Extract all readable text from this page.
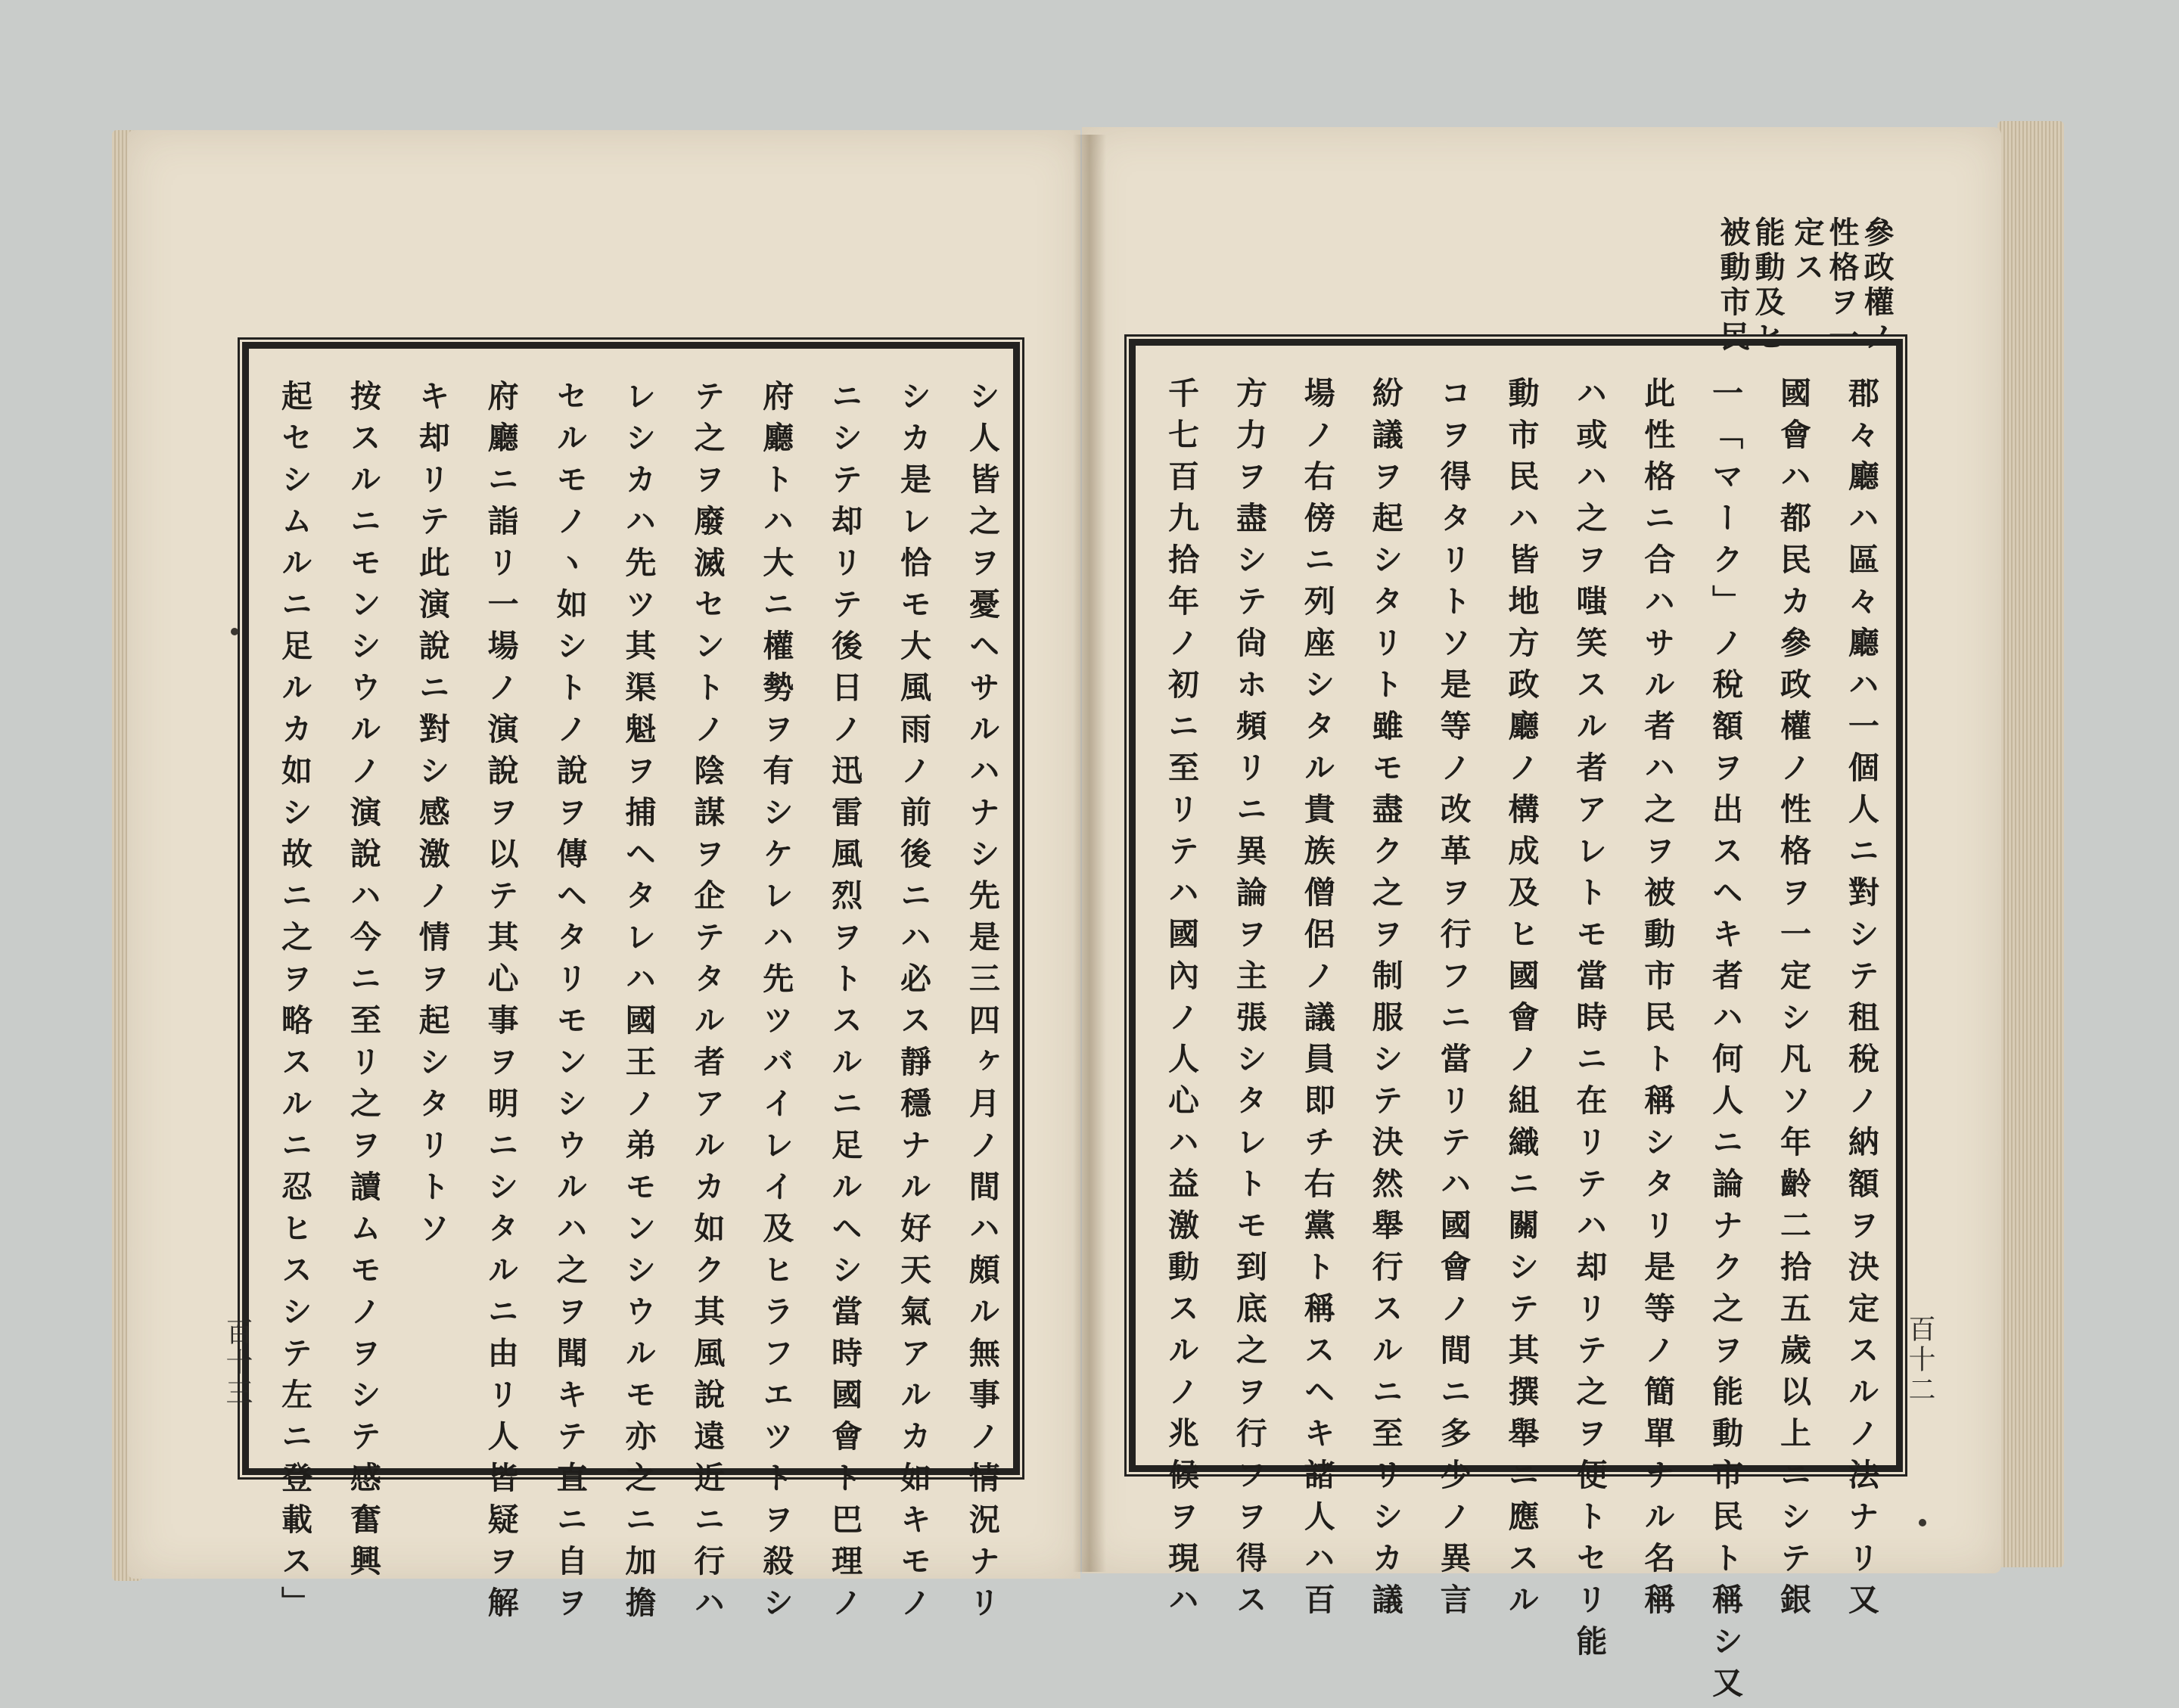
シ人皆之ヲ憂ヘサルハナシ先是三四ヶ月ノ間ハ頗ル無事ノ情況ナリ
シカ是レ恰モ大風雨ノ前後ニハ必ス靜穩ナル好天氣アルカ如キモノ
ニシテ却リテ後日ノ迅雷風烈ヲトスルニ足ルヘシ當時國會ト巴理ノ
府廳トハ大ニ權勢ヲ有シケレハ先ツバイレイ及ヒラフエツトヲ殺シ
テ之ヲ廢滅セントノ陰謀ヲ企テタル者アルカ如ク其風說遠近ニ行ハ
レシカハ先ツ其渠魁ヲ捕ヘタレハ國王ノ弟モンシウルモ亦之ニ加擔
セルモノヽ如シトノ說ヲ傳ヘタリモンシウルハ之ヲ聞キテ直ニ自ヲ
府廳ニ詣リ一場ノ演說ヲ以テ其心事ヲ明ニシタルニ由リ人皆疑ヲ解
キ却リテ此演說ニ對シ感激ノ情ヲ起シタリトソ
按スルニモンシウルノ演說ハ今ニ至リ之ヲ讀ムモノヲシテ感奮興
起セシムルニ足ルカ如シ故ニ之ヲ略スルニ忍ヒスシテ左ニ登載ス」
百十三
參政權ノ
性格ヲ一
定ス
能動及ヒ
被動市民
郡々廳ハ區々廳ハ一個人ニ對シテ租稅ノ納額ヲ決定スルノ法ナリ又
國會ハ都民カ參政權ノ性格ヲ一定シ凡ソ年齡二拾五歲以上ニシテ銀
一「マーク」ノ稅額ヲ出スヘキ者ハ何人ニ論ナク之ヲ能動市民ト稱シ又
此性格ニ合ハサル者ハ之ヲ被動市民ト稱シタリ是等ノ簡單ナル名稱
ハ或ハ之ヲ嗤笑スル者アレトモ當時ニ在リテハ却リテ之ヲ便トセリ能
動市民ハ皆地方政廳ノ構成及ヒ國會ノ組織ニ關シテ其撰舉ニ應スル
コヲ得タリトソ是等ノ改革ヲ行フニ當リテハ國會ノ間ニ多少ノ異言
紛議ヲ起シタリト雖モ盡ク之ヲ制服シテ決然舉行スルニ至リシカ議
場ノ右傍ニ列座シタル貴族僧侶ノ議員即チ右黨ト稱スヘキ諸人ハ百
方力ヲ盡シテ尙ホ頻リニ異論ヲ主張シタレトモ到底之ヲ行フヲ得ス
千七百九拾年ノ初ニ至リテハ國內ノ人心ハ益激動スルノ兆候ヲ現ハ	百十二
